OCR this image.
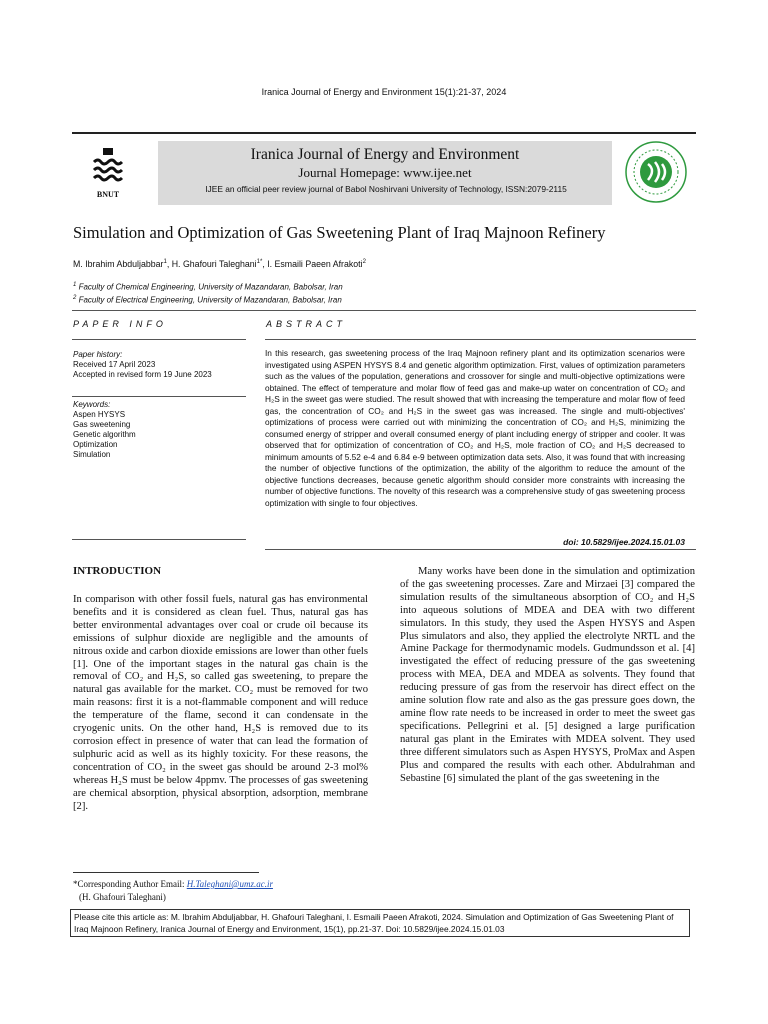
Iranica Journal of Energy and Environment 15(1):21-37, 2024
BNUT
Iranica Journal of Energy and Environment
Journal Homepage: www.ijee.net
IJEE an official peer review journal of Babol Noshirvani University of Technology, ISSN:2079-2115
Simulation and Optimization of Gas Sweetening Plant of Iraq Majnoon Refinery
M. Ibrahim Abduljabbar$^1$, H. Ghafouri Taleghani$^{1*}$, I. Esmaili Paeen Afrakoti$^2$
$^1$ Faculty of Chemical Engineering, University of Mazandaran, Babolsar, Iran
$^2$ Faculty of Electrical Engineering, University of Mazandaran, Babolsar, Iran
PAPER INFO	ABSTRACT
Paper history:
Received 17 April 2023
Accepted in revised form 19 June 2023
Keywords:
Aspen HYSYS
Gas sweetening
Genetic algorithm
Optimization
Simulation
In this research, gas sweetening process of the Iraq Majnoon refinery plant and its optimization scenarios were investigated using ASPEN HYSYS 8.4 and genetic algorithm optimization. First, values of optimization parameters such as the values of the population, generations and crossover for single and multi-objective optimizations were obtained. The effect of temperature and molar flow of feed gas and make-up water on concentration of CO₂ and H₂S in the sweet gas were studied. The result showed that with increasing the temperature and molar flow of feed gas, the concentration of CO₂ and H₂S in the sweet gas was increased. The single and multi-objectives' optimizations of process were carried out with minimizing the concentration of CO₂ and H₂S, minimizing the consumed energy of stripper and overall consumed energy of plant including energy of stripper and cooler. It was observed that for optimization of concentration of CO₂ and H₂S, mole fraction of CO₂ and H₂S decreased to minimum amounts of 5.52 e-4 and 6.84 e-9 between optimization data sets. Also, it was found that with increasing the number of objective functions of the optimization, the ability of the algorithm to reduce the amount of the objective functions decreases, because genetic algorithm should consider more constraints with increasing the number of objective functions. The novelty of this research was a comprehensive study of gas sweetening process optimization with single to four objectives.
doi: 10.5829/ijee.2024.15.01.03
INTRODUCTION

In comparison with other fossil fuels, natural gas has environmental benefits and it is considered as clean fuel. Thus, natural gas has better environmental advantages over coal or crude oil because its emissions of sulphur dioxide are negligible and the amounts of nitrous oxide and carbon dioxide emissions are lower than other fuels [1]. One of the important stages in the natural gas chain is the removal of CO₂ and H₂S, so called gas sweetening, to prepare the natural gas available for the market. CO₂ must be removed for two main reasons: first it is a not-flammable component and will reduce the temperature of the flame, second it can condensate in the cryogenic units. On the other hand, H₂S is removed due to its corrosion effect in presence of water that can lead the formation of sulphuric acid as well as its highly toxicity. For these reasons, the concentration of CO₂ in the sweet gas should be around 2-3 mol% whereas H₂S must be below 4ppmv. The processes of gas sweetening are chemical absorption, physical absorption, adsorption, membrane [2].

Many works have been done in the simulation and optimization of the gas sweetening processes. Zare and Mirzaei [3] compared the simulation results of the simultaneous absorption of CO₂ and H₂S into aqueous solutions of MDEA and DEA with two different simulators. In this study, they used the Aspen HYSYS and Aspen Plus simulators and also, they applied the electrolyte NRTL and the Amine Package for thermodynamic models. Gudmundsson et al. [4] investigated the effect of reducing pressure of the gas sweetening process with MEA, DEA and MDEA as solvents. They found that reducing pressure of gas from the reservoir has direct effect on the amine solution flow rate and also as the gas pressure goes down, the amine flow rate needs to be increased in order to meet the sweet gas specifications. Pellegrini et al. [5] designed a large purification natural gas plant in the Emirates with MDEA solvent. They used three different simulators such as Aspen HYSYS, ProMax and Aspen Plus and compared the results with each other. Abdulrahman and Sebastine [6] simulated the plant of the gas sweetening in the

*Corresponding Author Email: H.Taleghani@umz.ac.ir
(H. Ghafouri Taleghani)
Please cite this article as: M. Ibrahim Abduljabbar, H. Ghafouri Taleghani, I. Esmaili Paeen Afrakoti, 2024. Simulation and Optimization of Gas Sweetening Plant of Iraq Majnoon Refinery, Iranica Journal of Energy and Environment, 15(1), pp.21-37. Doi: 10.5829/ijee.2024.15.01.03
